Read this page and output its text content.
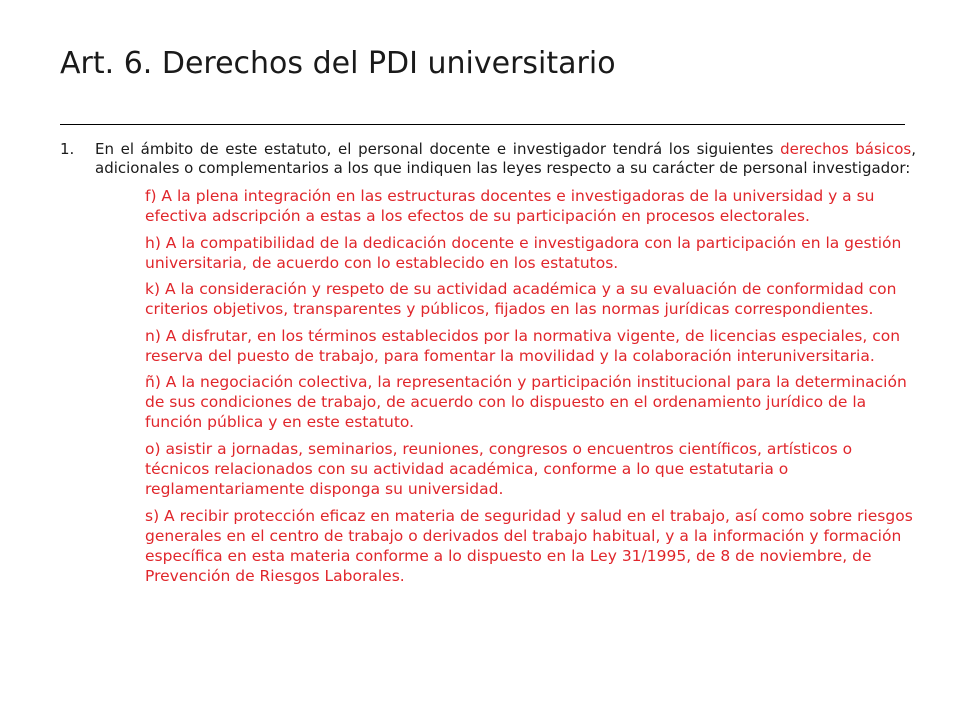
Art. 6. Derechos del PDI universitario

1. En el ámbito de este estatuto, el personal docente e investigador tendrá los siguientes derechos básicos, adicionales o complementarios a los que indiquen las leyes respecto a su carácter de personal investigador:

f) A la plena integración en las estructuras docentes e investigadoras de la universidad y a su efectiva adscripción a estas a los efectos de su participación en procesos electorales.
h) A la compatibilidad de la dedicación docente e investigadora con la participación en la gestión universitaria, de acuerdo con lo establecido en los estatutos.
k) A la consideración y respeto de su actividad académica y a su evaluación de conformidad con criterios objetivos, transparentes y públicos, fijados en las normas jurídicas correspondientes.
n) A disfrutar, en los términos establecidos por la normativa vigente, de licencias especiales, con reserva del puesto de trabajo, para fomentar la movilidad y la colaboración interuniversitaria.
ñ) A la negociación colectiva, la representación y participación institucional para la determinación de sus condiciones de trabajo, de acuerdo con lo dispuesto en el ordenamiento jurídico de la función pública y en este estatuto.
o) asistir a jornadas, seminarios, reuniones, congresos o encuentros científicos, artísticos o técnicos relacionados con su actividad académica, conforme a lo que estatutaria o reglamentariamente disponga su universidad.
s) A recibir protección eficaz en materia de seguridad y salud en el trabajo, así como sobre riesgos generales en el centro de trabajo o derivados del trabajo habitual, y a la información y formación específica en esta materia conforme a lo dispuesto en la Ley 31/1995, de 8 de noviembre, de Prevención de Riesgos Laborales.
